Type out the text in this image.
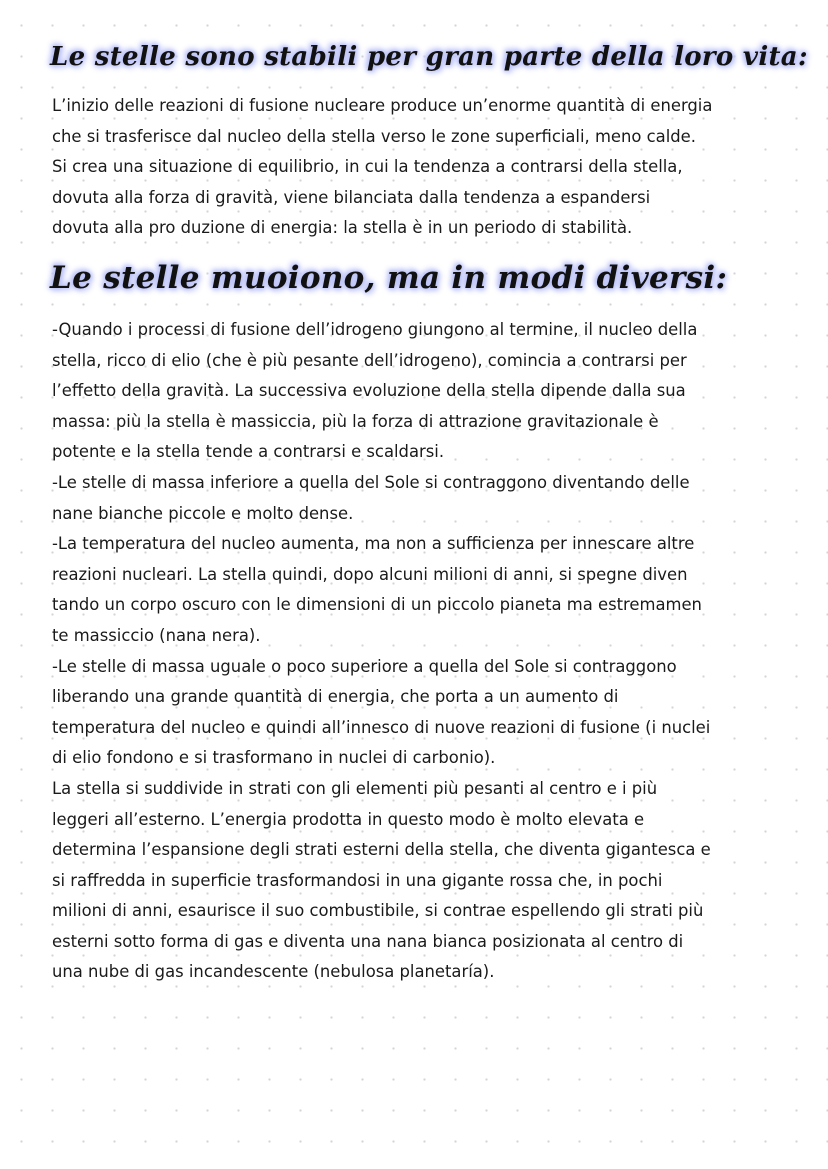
Le stelle sono stabili per gran parte della loro vita:
L’inizio delle reazioni di fusione nucleare produce un’enorme quantità di energia
che si trasferisce dal nucleo della stella verso le zone superficiali, meno calde.
Si crea una situazione di equilibrio, in cui la tendenza a contrarsi della stella,
dovuta alla forza di gravità, viene bilanciata dalla tendenza a espandersi
dovuta alla pro duzione di energia: la stella è in un periodo di stabilità.
Le stelle muoiono, ma in modi diversi:
-Quando i processi di fusione dell’idrogeno giungono al termine, il nucleo della
stella, ricco di elio (che è più pesante dell’idrogeno), comincia a contrarsi per
l’effetto della gravità. La successiva evoluzione della stella dipende dalla sua
massa: più la stella è massiccia, più la forza di attrazione gravitazionale è
potente e la stella tende a contrarsi e scaldarsi.
-Le stelle di massa inferiore a quella del Sole si contraggono diventando delle
nane bianche piccole e molto dense.
-La temperatura del nucleo aumenta, ma non a sufficienza per innescare altre
reazioni nucleari. La stella quindi, dopo alcuni milioni di anni, si spegne diven
tando un corpo oscuro con le dimensioni di un piccolo pianeta ma estremamen
te massiccio (nana nera).
-Le stelle di massa uguale o poco superiore a quella del Sole si contraggono
liberando una grande quantità di energia, che porta a un aumento di
temperatura del nucleo e quindi all’innesco di nuove reazioni di fusione (i nuclei
di elio fondono e si trasformano in nuclei di carbonio).
La stella si suddivide in strati con gli elementi più pesanti al centro e i più
leggeri all’esterno. L’energia prodotta in questo modo è molto elevata e
determina l’espansione degli strati esterni della stella, che diventa gigantesca e
si raffredda in superficie trasformandosi in una gigante rossa che, in pochi
milioni di anni, esaurisce il suo combustibile, si contrae espellendo gli strati più
esterni sotto forma di gas e diventa una nana bianca posizionata al centro di
una nube di gas incandescente (nebulosa planetaría).
